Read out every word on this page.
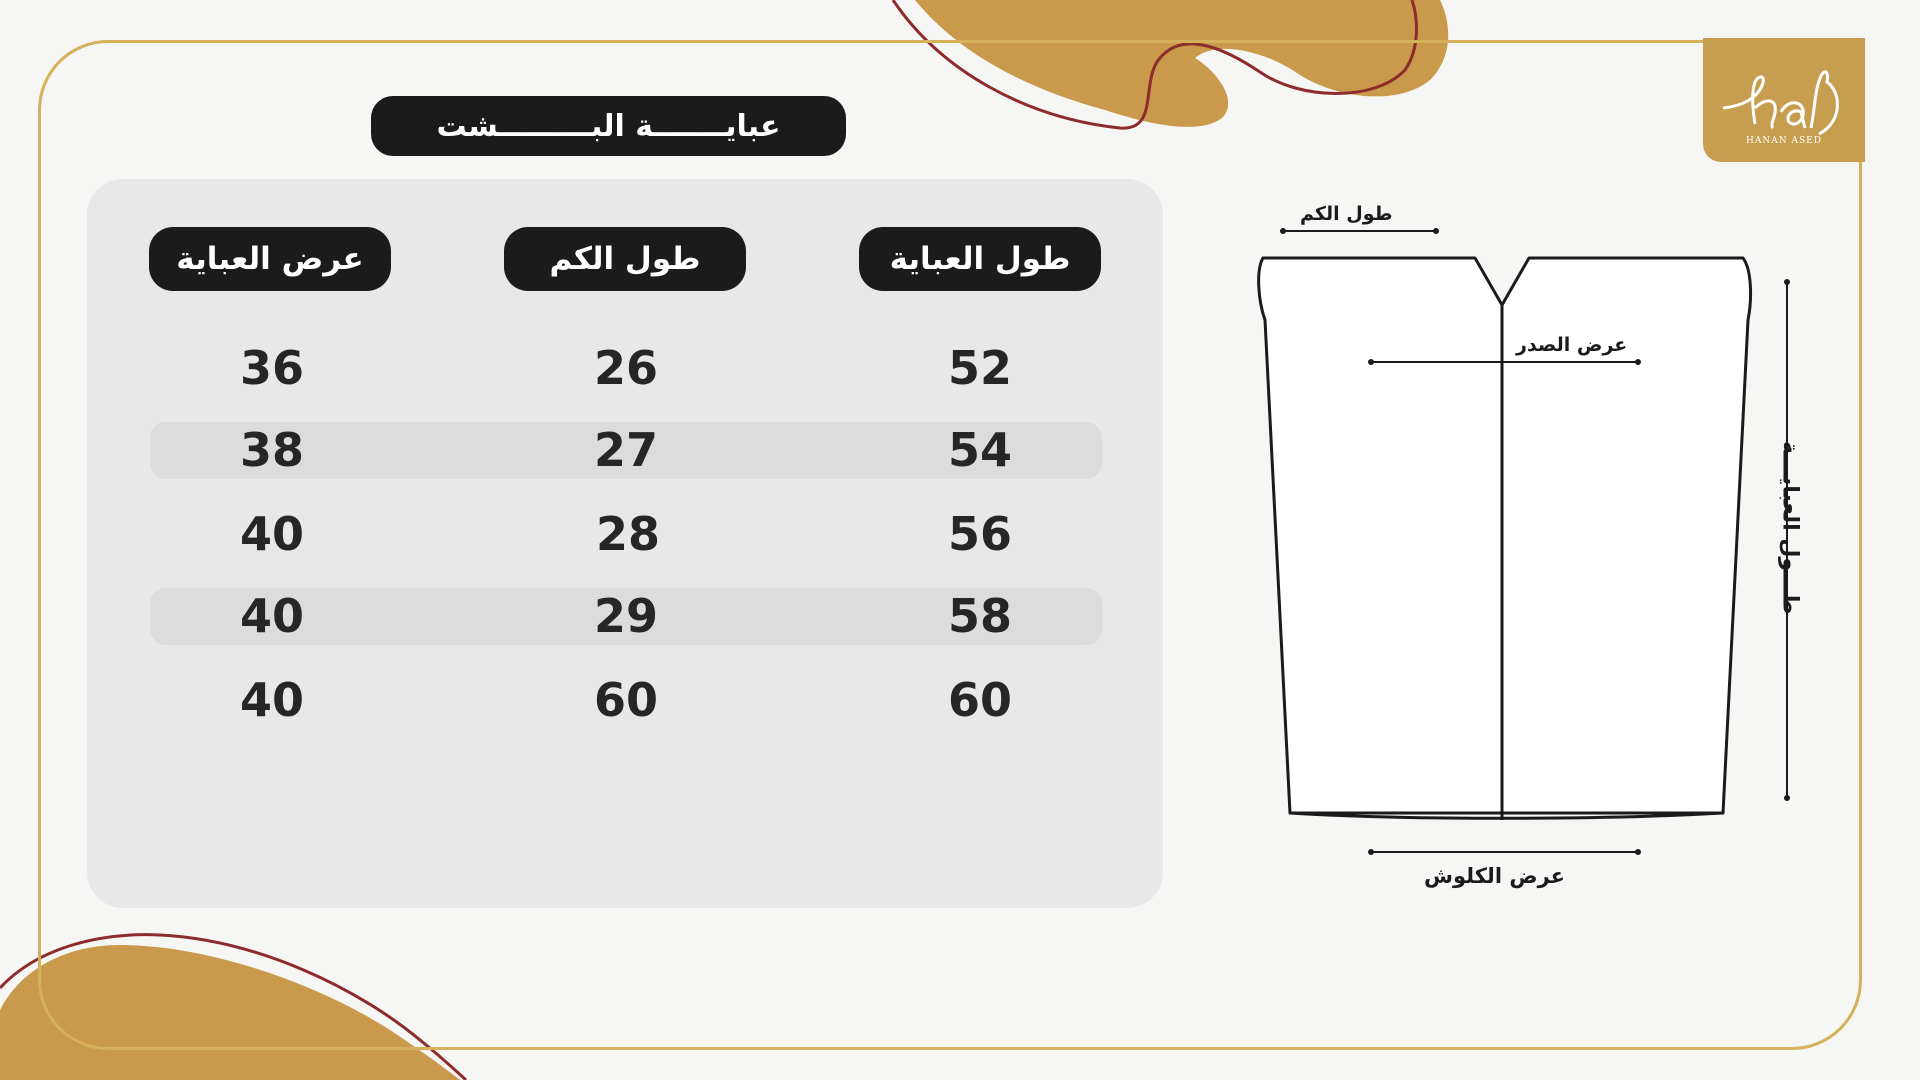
HANAN ASED
عبايـــــــة البـــــــــشت
طول العباية
طول الكم
عرض العباية
52
26
36
54
27
38
56
28
40
58
29
40
60
60
40
طول الكم
عرض الصدر
عرض الكلوش
طـــول العبايـــة
